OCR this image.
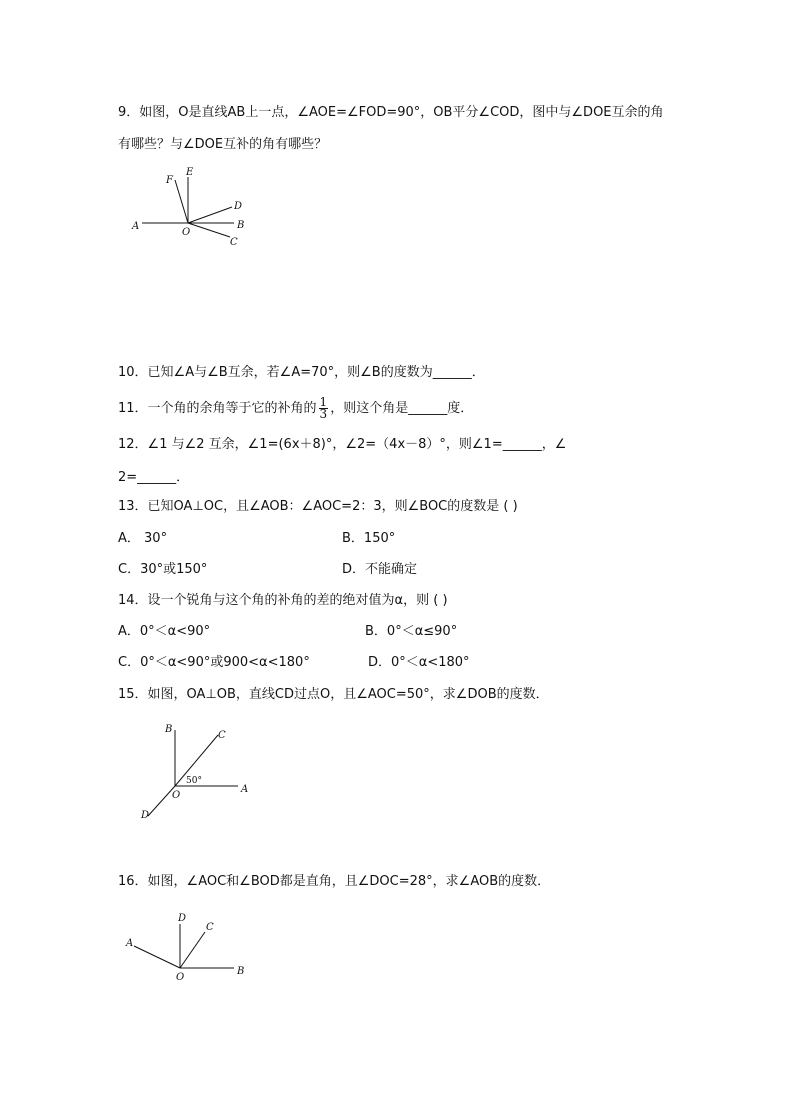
9．如图，O是直线AB上一点，∠AOE=∠FOD=90°，OB平分∠COD，图中与∠DOE互余的角
有哪些？与∠DOE互补的角有哪些？
A	B
C
D
E
F
O
10．已知∠A与∠B互余，若∠A=70°，则∠B的度数为______．
11．一个角的余角等于它的补角的 $\frac{1}{3}$ ，则这个角是______度．
12．∠1 与∠2 互余，∠1=(6x＋8)°，∠2=（4x－8）°，则∠1=______，∠
2=______．
13．已知OA⊥OC，且∠AOB：∠AOC=2：3，则∠BOC的度数是 ( )
A． 30°	B．150°
C．30°或150°	D．不能确定
14．设一个锐角与这个角的补角的差的绝对值为α，则 ( )
A．0°＜α<90°	B．0°＜α≤90°
C．0°＜α<90°或900<α<180°	D．0°＜α<180°
15．如图，OA⊥OB，直线CD过点O，且∠AOC=50°，求∠DOB的度数．
B
C
A
D
O
50°
16．如图，∠AOC和∠BOD都是直角，且∠DOC=28°，求∠AOB的度数．
A
D
C
B
O
